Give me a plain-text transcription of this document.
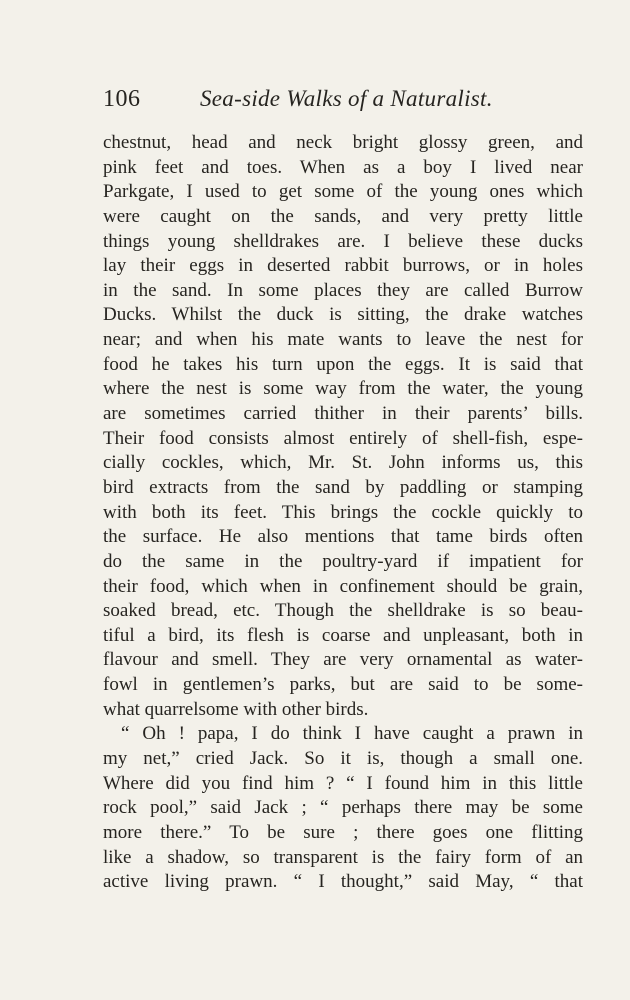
106	Sea-side Walks of a Naturalist.
chestnut, head and neck bright glossy green, and
pink feet and toes. When as a boy I lived near
Parkgate, I used to get some of the young ones which
were caught on the sands, and very pretty little
things young shelldrakes are. I believe these ducks
lay their eggs in deserted rabbit burrows, or in holes
in the sand. In some places they are called Burrow
Ducks. Whilst the duck is sitting, the drake watches
near; and when his mate wants to leave the nest for
food he takes his turn upon the eggs. It is said that
where the nest is some way from the water, the young
are sometimes carried thither in their parents’ bills.
Their food consists almost entirely of shell-fish, espe-
cially cockles, which, Mr. St. John informs us, this
bird extracts from the sand by paddling or stamping
with both its feet. This brings the cockle quickly to
the surface. He also mentions that tame birds often
do the same in the poultry-yard if impatient for
their food, which when in confinement should be grain,
soaked bread, etc. Though the shelldrake is so beau-
tiful a bird, its flesh is coarse and unpleasant, both in
flavour and smell. They are very ornamental as water-
fowl in gentlemen’s parks, but are said to be some-
what quarrelsome with other birds.
“ Oh ! papa, I do think I have caught a prawn in
my net,” cried Jack. So it is, though a small one.
Where did you find him ? “ I found him in this little
rock pool,” said Jack ; “ perhaps there may be some
more there.” To be sure ; there goes one flitting
like a shadow, so transparent is the fairy form of an
active living prawn. “ I thought,” said May, “ that
